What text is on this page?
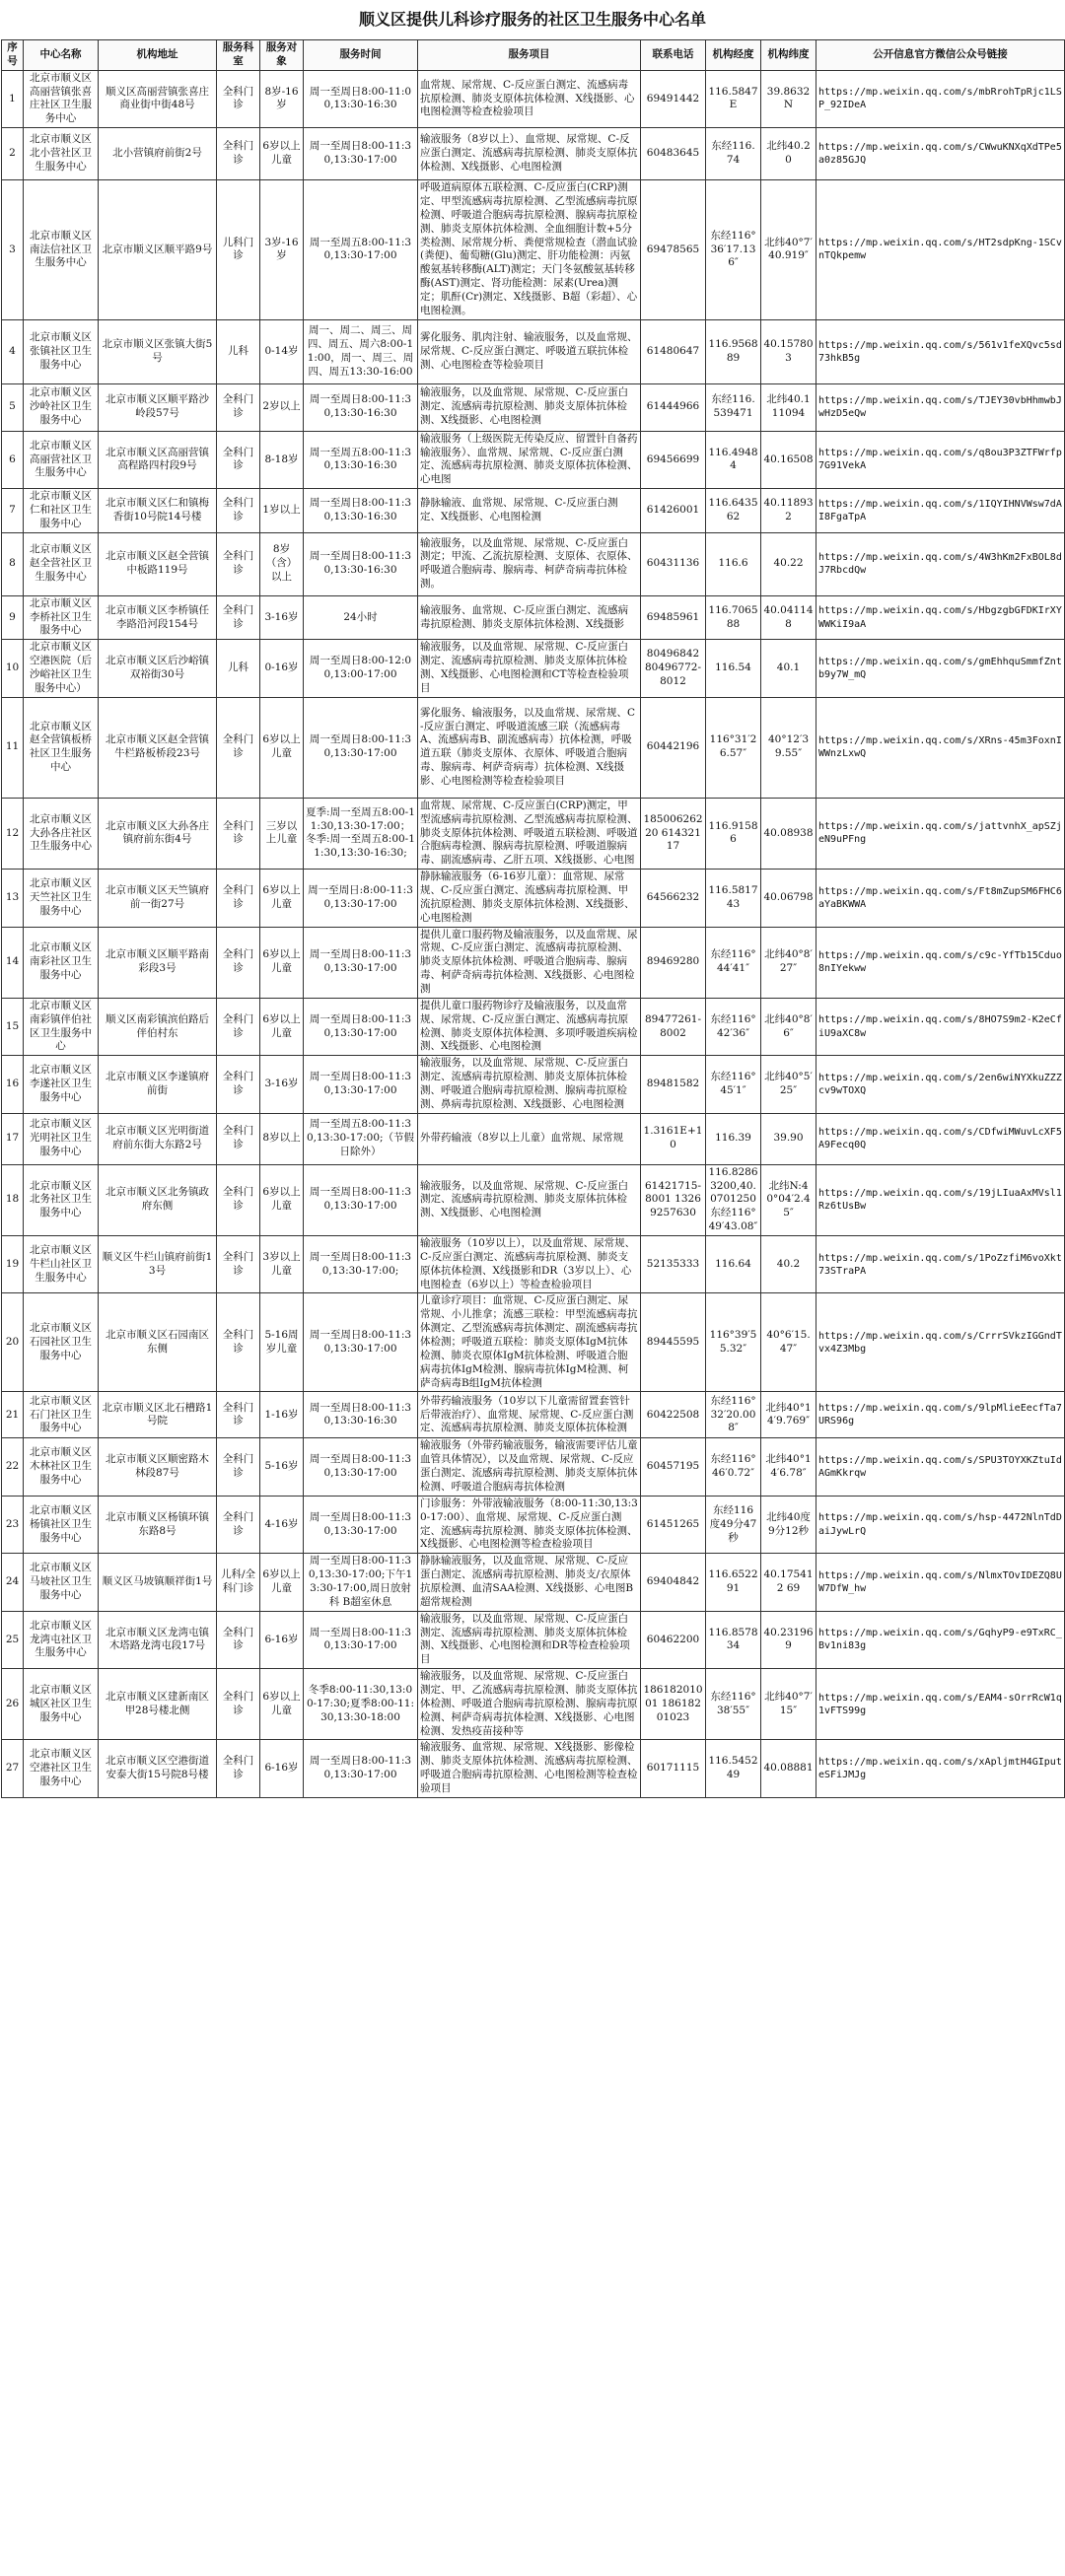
顺义区提供儿科诊疗服务的社区卫生服务中心名单
序号	中心名称	机构地址	服务科室	服务对象	服务时间	服务项目	联系电话	机构经度	机构纬度	公开信息官方微信公众号链接
1	北京市顺义区高丽营镇张喜庄社区卫生服务中心	顺义区高丽营镇张喜庄商业街中街48号	全科门诊	8岁-16岁	周一至周日8:00-11:00,13:30-16:30	血常规、尿常规、C-反应蛋白测定、流感病毒抗原检测、肺炎支原体抗体检测、X线摄影、心电图检测等检查检验项目	69491442	116.5847E	39.8632N	https://mp.weixin.qq.com/s/mbRrohTpRjc1LSP_92IDeA
2	北京市顺义区北小营社区卫生服务中心	北小营镇府前街2号	全科门诊	6岁以上儿童	周一至周日8:00-11:30,13:30-17:00	输液服务（8岁以上）、血常规、尿常规、C-反应蛋白测定、流感病毒抗原检测、肺炎支原体抗体检测、X线摄影、心电图检测	60483645	东经116.74	北纬40.20	https://mp.weixin.qq.com/s/CWwuKNXqXdTPe5a0z85GJQ
3	北京市顺义区南法信社区卫生服务中心	北京市顺义区顺平路9号	儿科门诊	3岁-16岁	周一至周五8:00-11:30,13:30-17:00	呼吸道病原体五联检测、C-反应蛋白(CRP)测定、甲型流感病毒抗原检测、乙型流感病毒抗原检测、呼吸道合胞病毒抗原检测、腺病毒抗原检测、肺炎支原体抗体检测、全血细胞计数+5分类检测、尿常规分析、粪便常规检查（潜血试验(粪便)、葡萄糖(Glu)测定、肝功能检测：丙氨酸氨基转移酶(ALT)测定；天门冬氨酸氨基转移酶(AST)测定、肾功能检测：尿素(Urea)测定；肌酐(Cr)测定、X线摄影、B超（彩超）、心电图检测。	69478565	东经116°36′17.136″	北纬40°7′40.919″	https://mp.weixin.qq.com/s/HT2sdpKng-1SCvnTQkpemw
4	北京市顺义区张镇社区卫生服务中心	北京市顺义区张镇大街5号	儿科	0-14岁	周一、周二、周三、周四、周五、周六8:00-11:00，周一、周三、周四、周五13:30-16:00	雾化服务、肌肉注射、输液服务，以及血常规、尿常规、C-反应蛋白测定、呼吸道五联抗体检测、心电图检查等检验项目	61480647	116.956889	40.157803	https://mp.weixin.qq.com/s/561v1feXQvc5sd73hkB5g
5	北京市顺义区沙岭社区卫生服务中心	北京市顺义区顺平路沙岭段57号	全科门诊	2岁以上	周一至周日8:00-11:30,13:30-16:30	输液服务，以及血常规、尿常规、C-反应蛋白测定、流感病毒抗原检测、肺炎支原体抗体检测、X线摄影、心电图检测	61444966	东经116.539471	北纬40.111094	https://mp.weixin.qq.com/s/TJEY30vbHhmwbJwHzD5eQw
6	北京市顺义区高丽营社区卫生服务中心	北京市顺义区高丽营镇高程路四村段9号	全科门诊	8-18岁	周一至周五8:00-11:30,13:30-16:30	输液服务（上级医院无传染反应、留置针自备药输液服务）、血常规、尿常规、C-反应蛋白测定、流感病毒抗原检测、肺炎支原体抗体检测、心电图	69456699	116.49484	40.16508	https://mp.weixin.qq.com/s/q8ou3P3ZTFWrfp7G91VekA
7	北京市顺义区仁和社区卫生服务中心	北京市顺义区仁和镇梅香街10号院14号楼	全科门诊	1岁以上	周一至周日8:00-11:30,13:30-16:30	静脉输液、血常规、尿常规、C-反应蛋白测定、X线摄影、心电图检测	61426001	116.643562	40.118932	https://mp.weixin.qq.com/s/1IQYIHNVWsw7dAI8FgaTpA
8	北京市顺义区赵全营社区卫生服务中心	北京市顺义区赵全营镇中板路119号	全科门诊	8岁（含）以上	周一至周日8:00-11:30,13:30-16:30	输液服务，以及血常规、尿常规、C-反应蛋白测定；甲流、乙流抗原检测、支原体、衣原体、呼吸道合胞病毒、腺病毒、柯萨奇病毒抗体检测。	60431136	116.6	40.22	https://mp.weixin.qq.com/s/4W3hKm2FxBOL8dJ7RbcdQw
9	北京市顺义区李桥社区卫生服务中心	北京市顺义区李桥镇任李路沿河段154号	全科门诊	3-16岁	24小时	输液服务、血常规、C-反应蛋白测定、流感病毒抗原检测、肺炎支原体抗体检测、X线摄影	69485961	116.706588	40.041148	https://mp.weixin.qq.com/s/HbgzgbGFDKIrXYWWKiI9aA
10	北京市顺义区空港医院（后沙峪社区卫生服务中心）	北京市顺义区后沙峪镇双裕街30号	儿科	0-16岁	周一至周日8:00-12:00,13:00-17:00	输液服务，以及血常规、尿常规、C-反应蛋白测定、流感病毒抗原检测、肺炎支原体抗体检测、X线摄影、心电图检测和CT等检查检验项目	80496842 80496772-8012	116.54	40.1	https://mp.weixin.qq.com/s/gmEhhquSmmfZntb9y7W_mQ
11	北京市顺义区赵全营镇板桥社区卫生服务中心	北京市顺义区赵全营镇牛栏路板桥段23号	全科门诊	6岁以上儿童	周一至周日8:00-11:30,13:30-17:00	雾化服务、输液服务，以及血常规、尿常规、C-反应蛋白测定、呼吸道流感三联（流感病毒A、流感病毒B、副流感病毒）抗体检测，呼吸道五联（肺炎支原体、衣原体、呼吸道合胞病毒、腺病毒、柯萨奇病毒）抗体检测、X线摄影、心电图检测等检查检验项目	60442196	116°31′26.57″	40°12′39.55″	https://mp.weixin.qq.com/s/XRns-45m3FoxnIWWnzLxwQ
12	北京市顺义区大孙各庄社区卫生服务中心	北京市顺义区大孙各庄镇府前东街4号	全科门诊	三岁以上儿童	夏季:周一至周五8:00-11:30,13:30-17:00；冬季:周一至周五8:00-11:30,13:30-16:30;	血常规、尿常规、C-反应蛋白(CRP)测定，甲型流感病毒抗原检测、乙型流感病毒抗原检测、肺炎支原体抗体检测、呼吸道五联检测、呼吸道合胞病毒检测、腺病毒抗原检测、呼吸道腺病毒、副流感病毒、乙肝五项、X线摄影、心电图	18500626220 61432117	116.91586	40.08938	https://mp.weixin.qq.com/s/jattvnhX_apSZjeN9uPFng
13	北京市顺义区天竺社区卫生服务中心	北京市顺义区天竺镇府前一街27号	全科门诊	6岁以上儿童	周一至周日:8:00-11:30,13:30-17:00	静脉输液服务（6-16岁儿童）：血常规、尿常规、C-反应蛋白测定、流感病毒抗原检测、甲流抗原检测、肺炎支原体抗体检测、X线摄影、心电图检测	64566232	116.581743	40.06798	https://mp.weixin.qq.com/s/Ft8mZupSM6FHC6aYaBKWWA
14	北京市顺义区南彩社区卫生服务中心	北京市顺义区顺平路南彩段3号	全科门诊	6岁以上儿童	周一至周日8:00-11:30,13:30-17:00	提供儿童口服药物及输液服务，以及血常规、尿常规、C-反应蛋白测定、流感病毒抗原检测、肺炎支原体抗体检测、呼吸道合胞病毒、腺病毒、柯萨奇病毒抗体检测、X线摄影、心电图检测	89469280	东经116°44′41″	北纬40°8′27″	https://mp.weixin.qq.com/s/c9c-YfTb15Cduo8nIYekww
15	北京市顺义区南彩镇伴伯社区卫生服务中心	顺义区南彩镇滨伯路后伴伯村东	全科门诊	6岁以上儿童	周一至周日8:00-11:30,13:30-17:00	提供儿童口服药物诊疗及输液服务，以及血常规、尿常规、C-反应蛋白测定、流感病毒抗原检测、肺炎支原体抗体检测、多项呼吸道疾病检测、X线摄影、心电图检测	89477261-8002	东经116°42′36″	北纬40°8′6″	https://mp.weixin.qq.com/s/8HO7S9m2-K2eCfiU9aXC8w
16	北京市顺义区李遂社区卫生服务中心	北京市顺义区李遂镇府前街	全科门诊	3-16岁	周一至周日8:00-11:30,13:30-17:00	输液服务，以及血常规、尿常规、C-反应蛋白测定、流感病毒抗原检测、肺炎支原体抗体检测、呼吸道合胞病毒抗原检测、腺病毒抗原检测、鼻病毒抗原检测、X线摄影、心电图检测	89481582	东经116°45′1″	北纬40°5′25″	https://mp.weixin.qq.com/s/2en6wiNYXkuZZZcv9wTOXQ
17	北京市顺义区光明社区卫生服务中心	北京市顺义区光明街道府前东街大东路2号	全科门诊	8岁以上	周一至周五8:00-11:30,13:30-17:00;（节假日除外）	外带药输液（8岁以上儿童）血常规、尿常规	1.3161E+10	116.39	39.90	https://mp.weixin.qq.com/s/CDfwiMWuvLcXF5A9Fecq0Q
18	北京市顺义区北务社区卫生服务中心	北京市顺义区北务镇政府东侧	全科门诊	6岁以上儿童	周一至周日8:00-11:30,13:30-17:00	输液服务，以及血常规、尿常规、C-反应蛋白测定、流感病毒抗原检测、肺炎支原体抗体检测、X线摄影、心电图检测	61421715-8001 13269257630	116.82863200,40.0701250东经116°49′43.08″	北纬N:40°04′2.45″	https://mp.weixin.qq.com/s/19jLIuaAxMVsl1Rz6tUsBw
19	北京市顺义区牛栏山社区卫生服务中心	顺义区牛栏山镇府前街13号	全科门诊	3岁以上儿童	周一至周日8:00-11:30,13:30-17:00;	输液服务（10岁以上），以及血常规、尿常规、C-反应蛋白测定、流感病毒抗原检测、肺炎支原体抗体检测、X线摄影和DR（3岁以上）、心电图检查（6岁以上）等检查检验项目	52135333	116.64	40.2	https://mp.weixin.qq.com/s/1PoZzfiM6voXkt73STraPA
20	北京市顺义区石园社区卫生服务中心	北京市顺义区石园南区东侧	全科门诊	5-16周岁儿童	周一至周日8:00-11:30,13:30-17:00	儿童诊疗项目：血常规、C-反应蛋白测定、尿常规、小儿推拿；流感三联检：甲型流感病毒抗体测定、乙型流感病毒抗体测定、副流感病毒抗体检测；呼吸道五联检：肺炎支原体IgM抗体检测、肺炎衣原体IgM抗体检测、呼吸道合胞病毒抗体IgM检测、腺病毒抗体IgM检测、柯萨奇病毒B组IgM抗体检测	89445595	116°39′55.32″	40°6′15.47″	https://mp.weixin.qq.com/s/CrrrSVkzIGGndTvx4Z3Mbg
21	北京市顺义区石门社区卫生服务中心	北京市顺义区北石槽路1号院	全科门诊	1-16岁	周一至周日8:00-11:30,13:30-16:30	外带药输液服务（10岁以下儿童需留置套管针后带液治疗）、血常规、尿常规、C-反应蛋白测定、流感病毒抗原检测、肺炎支原体抗体检测	60422508	东经116°32′20.008″	北纬40°14′9.769″	https://mp.weixin.qq.com/s/9lpMlieEecfTa7URS96g
22	北京市顺义区木林社区卫生服务中心	北京市顺义区顺密路木林段87号	全科门诊	5-16岁	周一至周日8:00-11:30,13:30-17:00	输液服务（外带药输液服务，输液需要评估儿童血管具体情况），以及血常规、尿常规、C-反应蛋白测定、流感病毒抗原检测、肺炎支原体抗体检测、呼吸道合胞病毒抗体检测	60457195	东经116°46′0.72″	北纬40°14′6.78″	https://mp.weixin.qq.com/s/SPU3TOYXKZtuIdAGmKkrqw
23	北京市顺义区杨镇社区卫生服务中心	北京市顺义区杨镇环镇东路8号	全科门诊	4-16岁	周一至周日8:00-11:30,13:30-17:00	门诊服务：外带液输液服务（8:00-11:30,13:30-17:00）、血常规、尿常规、C-反应蛋白测定、流感病毒抗原检测、肺炎支原体抗体检测、X线摄影、心电图检测等检查检验项目	61451265	东经116度49分47秒	北纬40度9分12秒	https://mp.weixin.qq.com/s/hsp-4472NlnTdDaiJywLrQ
24	北京市顺义区马坡社区卫生服务中心	顺义区马坡镇顺祥街1号	儿科/全科门诊	6岁以上儿童	周一至周日8:00-11:30,13:30-17:00;下午13:30-17:00,周日放射科 B超室休息	静脉输液服务，以及血常规、尿常规、C-反应蛋白测定、流感病毒抗原检测、肺炎支/衣原体抗原检测、血清SAA检测、X线摄影、心电图B超常规检测	69404842	116.652291	40.175412 69	https://mp.weixin.qq.com/s/NlmxTOvIDEZQ8UW7DfW_hw
25	北京市顺义区龙湾屯社区卫生服务中心	北京市顺义区龙湾屯镇木塔路龙湾屯段17号	全科门诊	6-16岁	周一至周日8:00-11:30,13:30-17:00	输液服务，以及血常规、尿常规、C-反应蛋白测定、流感病毒抗原检测、肺炎支原体抗体检测、X线摄影、心电图检测和DR等检查检验项目	60462200	116.857834	40.231969	https://mp.weixin.qq.com/s/GqhyP9-e9TxRC_Bv1ni83g
26	北京市顺义区城区社区卫生服务中心	北京市顺义区建新南区甲28号楼北侧	全科门诊	6岁以上儿童	冬季8:00-11:30,13:00-17:30;夏季8:00-11:30,13:30-18:00	输液服务，以及血常规、尿常规、C-反应蛋白测定、甲、乙流感病毒抗原检测、肺炎支原体抗体检测、呼吸道合胞病毒抗原检测、腺病毒抗原检测、柯萨奇病毒抗体检测、X线摄影、心电图检测、发热疫苗接种等	18618201001 18618201023	东经116°38′55″	北纬40°7′15″	https://mp.weixin.qq.com/s/EAM4-sOrrRcW1q1vFTS99g
27	北京市顺义区空港社区卫生服务中心	北京市顺义区空港街道安泰大街15号院8号楼	全科门诊	6-16岁	周一至周日8:00-11:30,13:30-17:00	输液服务、血常规、尿常规、X线摄影、影像检测、肺炎支原体抗体检测、流感病毒抗原检测、呼吸道合胞病毒抗原检测、心电图检测等检查检验项目	60171115	116.545249	40.08881	https://mp.weixin.qq.com/s/xApljmtH4GIputeSFiJMJg
